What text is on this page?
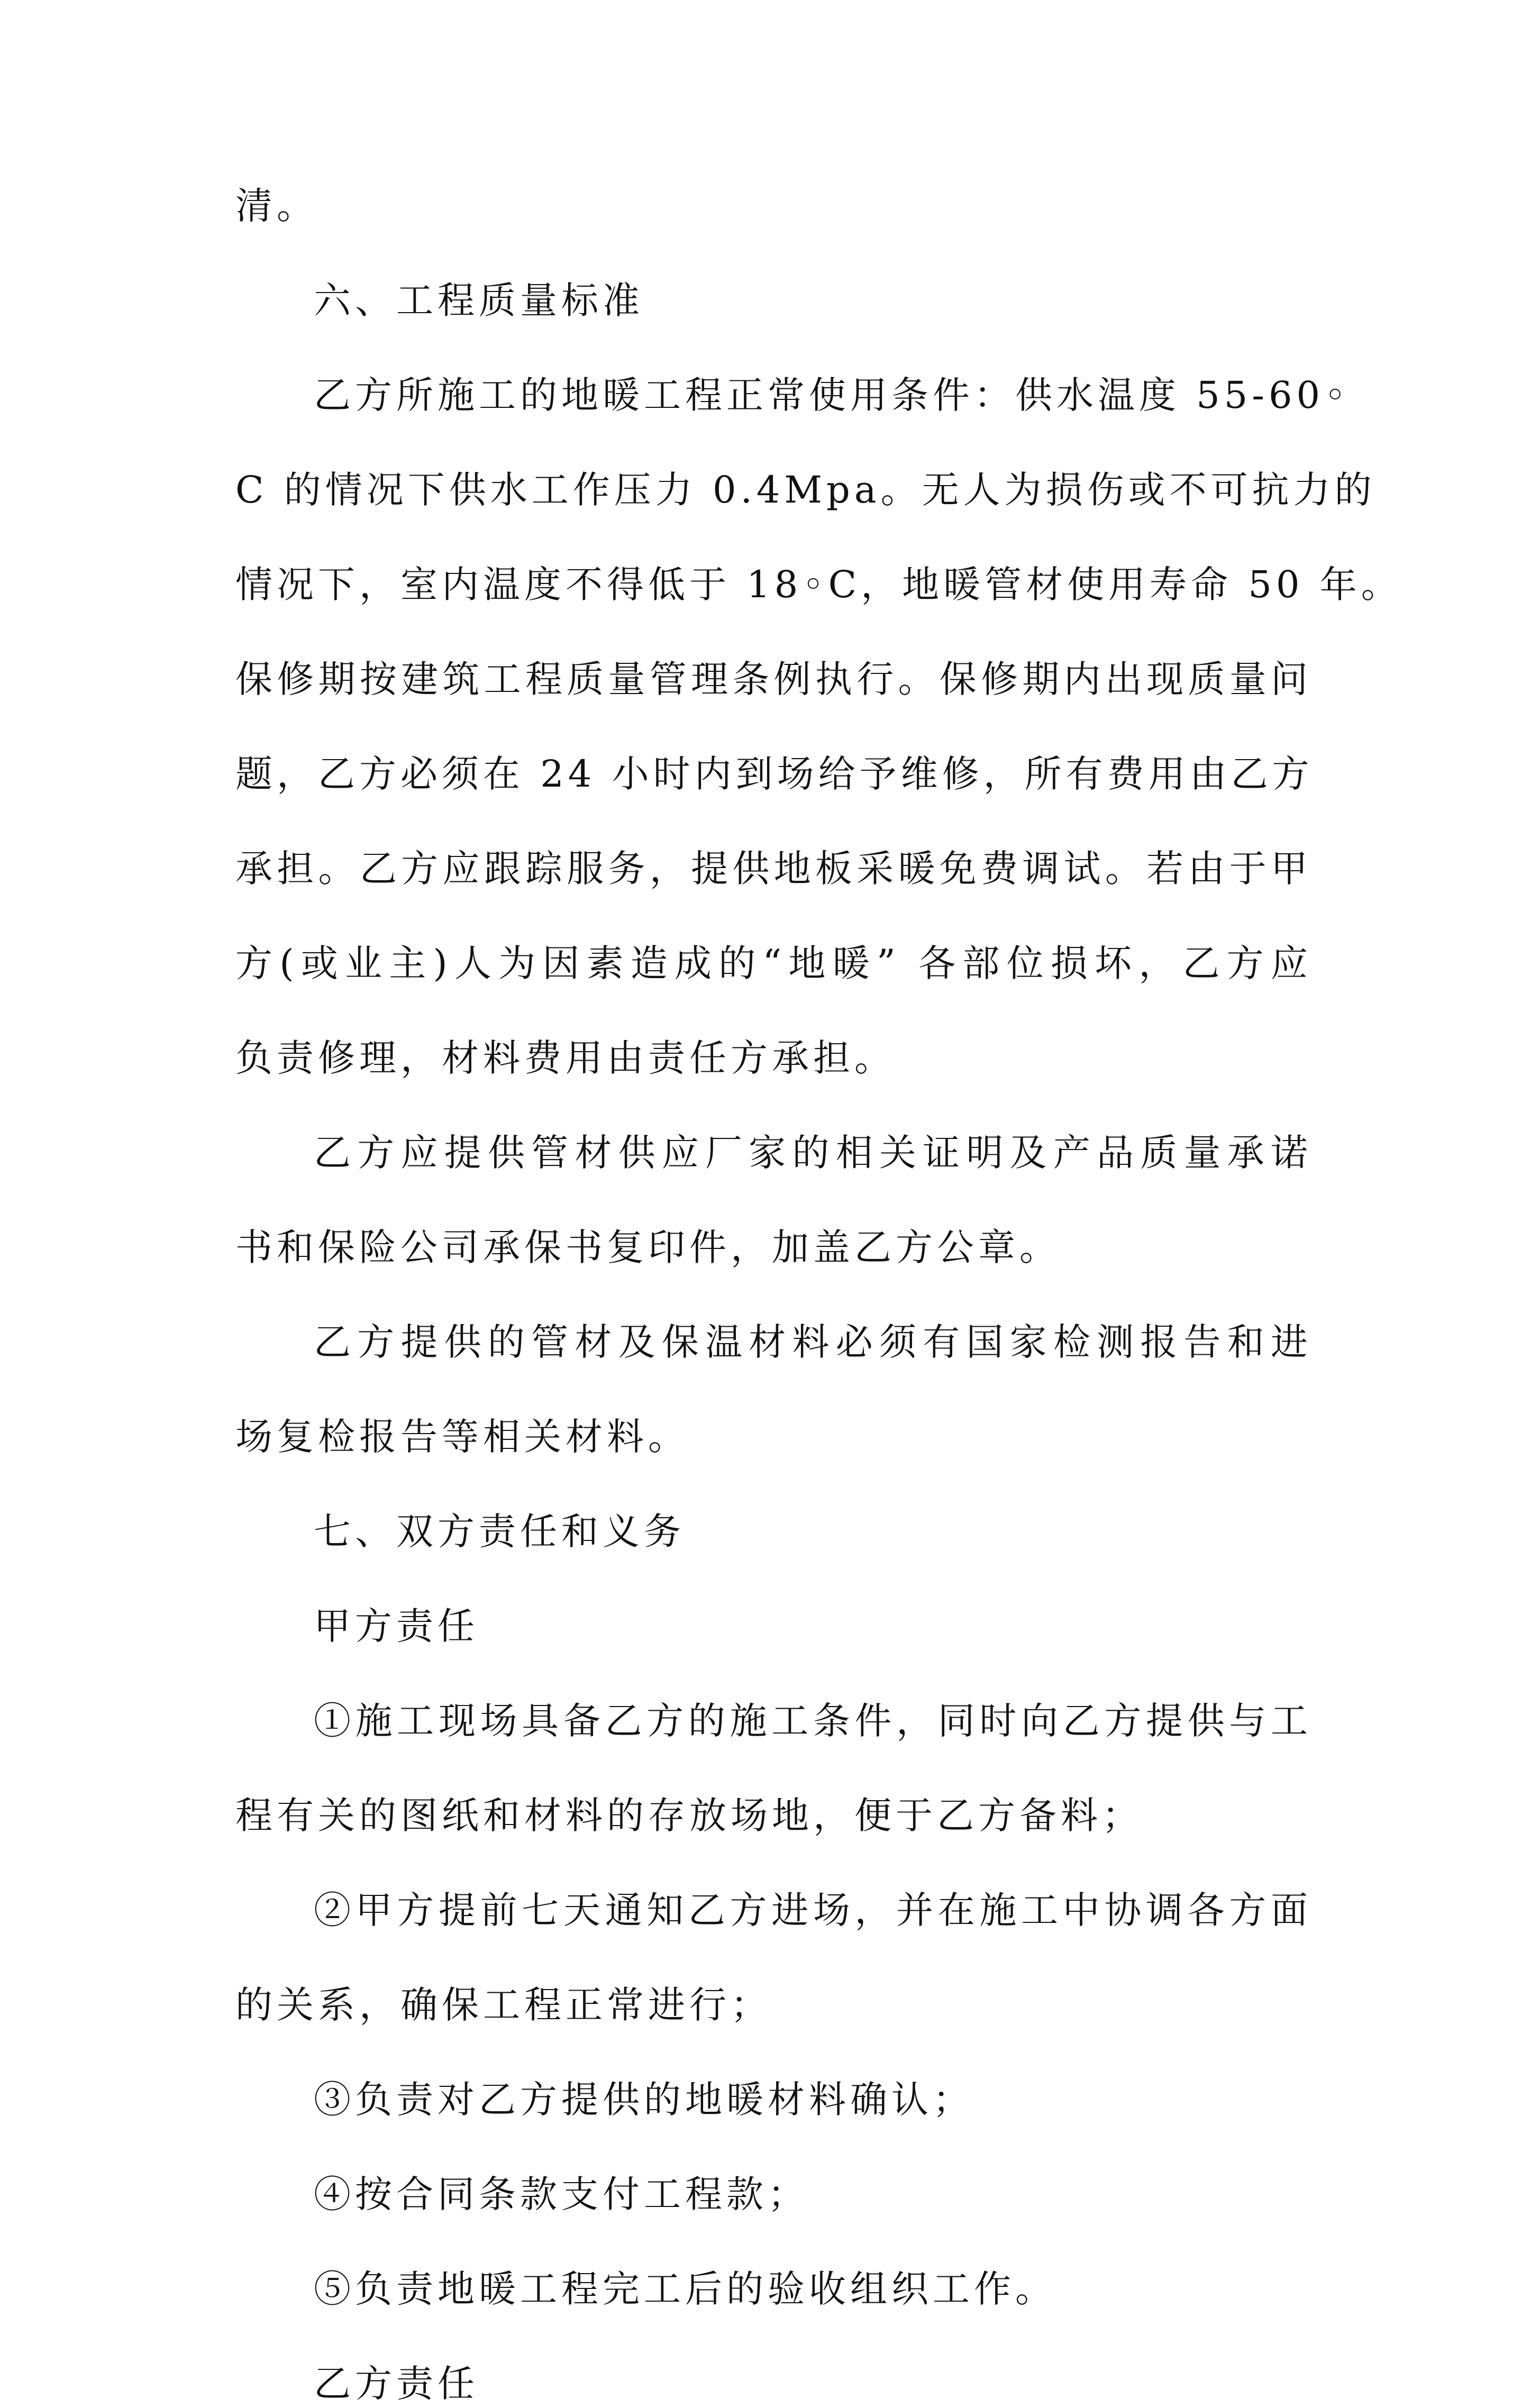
清。
六、工程质量标准
乙方所施工的地暖工程正常使用条件：供水温度 55-60◦
C 的情况下供水工作压力 0.4Mpa。无人为损伤或不可抗力的
情况下，室内温度不得低于 18◦C，地暖管材使用寿命 50 年。
保修期按建筑工程质量管理条例执行。保修期内出现质量问
题，乙方必须在 24 小时内到场给予维修，所有费用由乙方
承担。乙方应跟踪服务，提供地板采暖免费调试。若由于甲
方(或业主)人为因素造成的“地暖” 各部位损坏，乙方应
负责修理，材料费用由责任方承担。
乙方应提供管材供应厂家的相关证明及产品质量承诺
书和保险公司承保书复印件，加盖乙方公章。
乙方提供的管材及保温材料必须有国家检测报告和进
场复检报告等相关材料。
七、双方责任和义务
甲方责任
①施工现场具备乙方的施工条件，同时向乙方提供与工
程有关的图纸和材料的存放场地，便于乙方备料；
②甲方提前七天通知乙方进场，并在施工中协调各方面
的关系，确保工程正常进行；
③负责对乙方提供的地暖材料确认；
④按合同条款支付工程款；
⑤负责地暖工程完工后的验收组织工作。
乙方责任
